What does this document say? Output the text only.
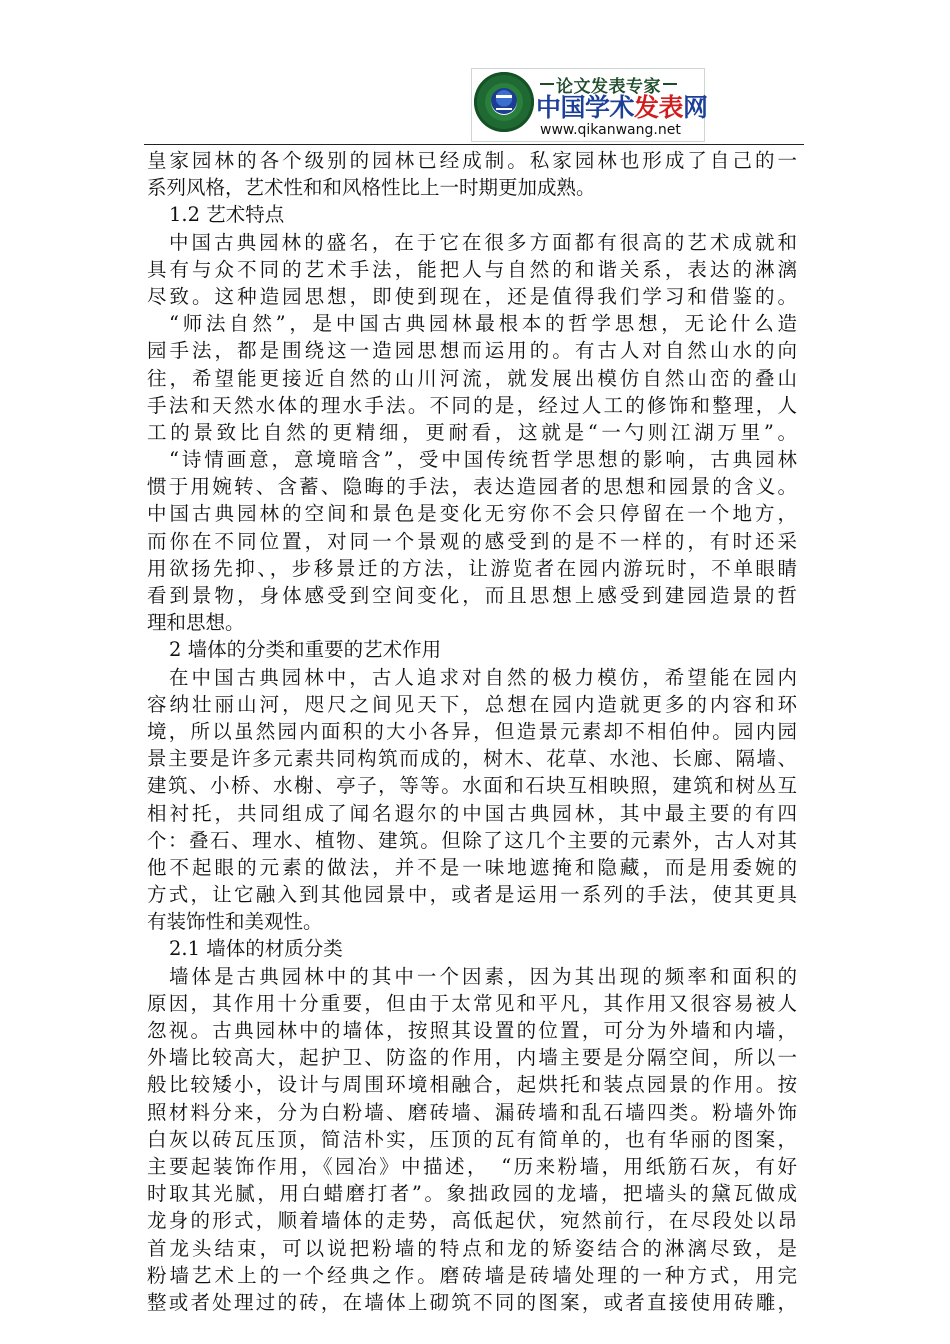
论文发表专家
中国学术发表网
www.qikanwang.net
皇家园林的各个级别的园林已经成制。私家园林也形成了自己的一
系列风格，艺术性和和风格性比上一时期更加成熟。
1.2 艺术特点
中国古典园林的盛名，在于它在很多方面都有很高的艺术成就和
具有与众不同的艺术手法，能把人与自然的和谐关系，表达的淋漓
尽致。这种造园思想，即使到现在，还是值得我们学习和借鉴的。
“师法自然”，是中国古典园林最根本的哲学思想，无论什么造
园手法，都是围绕这一造园思想而运用的。有古人对自然山水的向
往，希望能更接近自然的山川河流，就发展出模仿自然山峦的叠山
手法和天然水体的理水手法。不同的是，经过人工的修饰和整理，人
工的景致比自然的更精细，更耐看，这就是“一勺则江湖万里”。
“诗情画意，意境暗含”，受中国传统哲学思想的影响，古典园林
惯于用婉转、含蓄、隐晦的手法，表达造园者的思想和园景的含义。
中国古典园林的空间和景色是变化无穷你不会只停留在一个地方，
而你在不同位置，对同一个景观的感受到的是不一样的，有时还采
用欲扬先抑、，步移景迁的方法，让游览者在园内游玩时，不单眼睛
看到景物，身体感受到空间变化，而且思想上感受到建园造景的哲
理和思想。
2 墙体的分类和重要的艺术作用
在中国古典园林中，古人追求对自然的极力模仿，希望能在园内
容纳壮丽山河，咫尺之间见天下，总想在园内造就更多的内容和环
境，所以虽然园内面积的大小各异，但造景元素却不相伯仲。园内园
景主要是许多元素共同构筑而成的，树木、花草、水池、长廊、隔墙、
建筑、小桥、水榭、亭子，等等。水面和石块互相映照，建筑和树丛互
相衬托，共同组成了闻名遐尔的中国古典园林，其中最主要的有四
个：叠石、理水、植物、建筑。但除了这几个主要的元素外，古人对其
他不起眼的元素的做法，并不是一味地遮掩和隐藏，而是用委婉的
方式，让它融入到其他园景中，或者是运用一系列的手法，使其更具
有装饰性和美观性。
2.1 墙体的材质分类
墙体是古典园林中的其中一个因素，因为其出现的频率和面积的
原因，其作用十分重要，但由于太常见和平凡，其作用又很容易被人
忽视。古典园林中的墙体，按照其设置的位置，可分为外墙和内墙，
外墙比较高大，起护卫、防盗的作用，内墙主要是分隔空间，所以一
般比较矮小，设计与周围环境相融合，起烘托和装点园景的作用。按
照材料分来，分为白粉墙、磨砖墙、漏砖墙和乱石墙四类。粉墙外饰
白灰以砖瓦压顶，简洁朴实，压顶的瓦有简单的，也有华丽的图案，
主要起装饰作用，《园冶》中描述，　“历来粉墙，用纸筋石灰，有好
时取其光腻，用白蜡磨打者”。象拙政园的龙墙，把墙头的黛瓦做成
龙身的形式，顺着墙体的走势，高低起伏，宛然前行，在尽段处以昂
首龙头结束，可以说把粉墙的特点和龙的矫姿结合的淋漓尽致，是
粉墙艺术上的一个经典之作。磨砖墙是砖墙处理的一种方式，用完
整或者处理过的砖，在墙体上砌筑不同的图案，或者直接使用砖雕，
